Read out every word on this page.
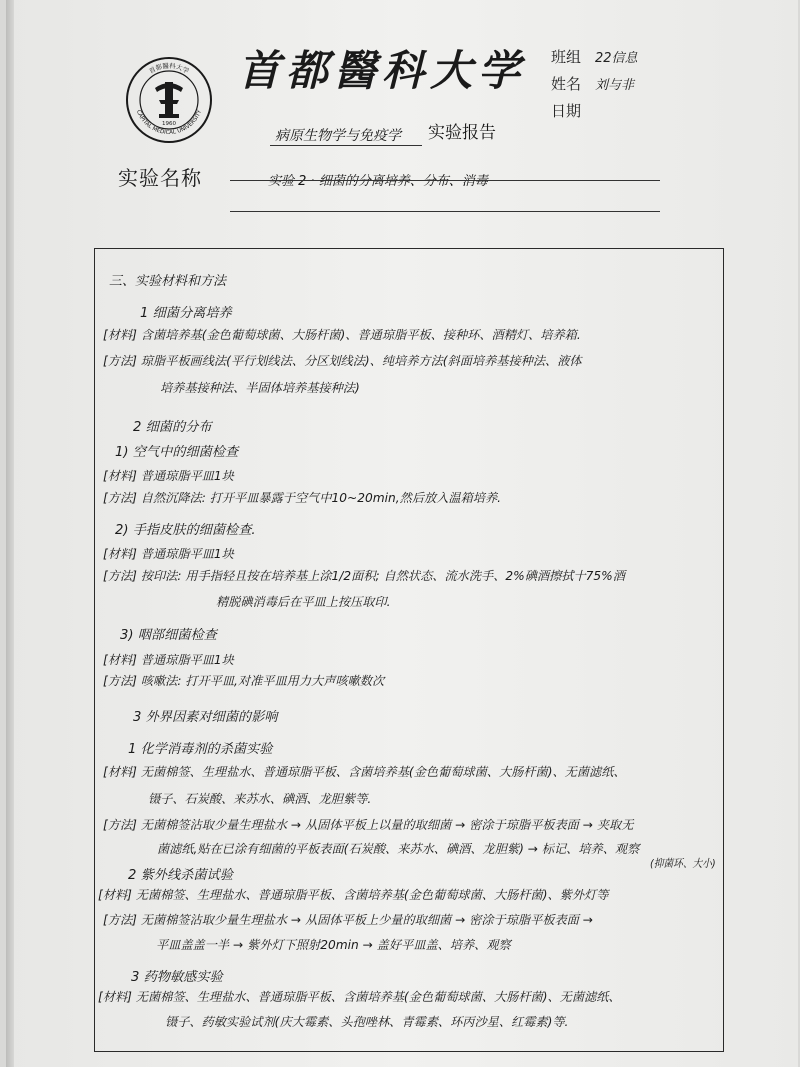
首都醫科大学
CAPITAL MEDICAL UNIVERSITY
1960
首都醫科大学	班组 22信息
姓名 刘与非
日期
病原生物学与免疫学 实验报告
实验名称	实验 2 · 细菌的分离培养、分布、消毒
三、实验材料和方法
1 细菌分离培养
[材料] 含菌培养基(金色葡萄球菌、大肠杆菌)、普通琼脂平板、接种环、酒精灯、培养箱.
[方法] 琼脂平板画线法(平行划线法、分区划线法)、纯培养方法(斜面培养基接种法、液体
培养基接种法、半固体培养基接种法)
2 细菌的分布
1) 空气中的细菌检查
[材料] 普通琼脂平皿1块
[方法] 自然沉降法: 打开平皿暴露于空气中10~20min,然后放入温箱培养.
2) 手指皮肤的细菌检查.
[材料] 普通琼脂平皿1块
[方法] 按印法: 用手指轻且按在培养基上涂1/2面积; 自然状态、流水洗手、2%碘酒擦拭十75%酒
精脱碘消毒后在平皿上按压取印.
3) 咽部细菌检查
[材料] 普通琼脂平皿1块
[方法] 咳嗽法: 打开平皿,对准平皿用力大声咳嗽数次
3 外界因素对细菌的影响
1 化学消毒剂的杀菌实验
[材料] 无菌棉签、生理盐水、普通琼脂平板、含菌培养基(金色葡萄球菌、大肠杆菌)、无菌滤纸、
镊子、石炭酸、来苏水、碘酒、龙胆紫等.
[方法] 无菌棉签沾取少量生理盐水 → 从固体平板上以量的取细菌 → 密涂于琼脂平板表面 → 夹取无
菌滤纸,贴在已涂有细菌的平板表面(石炭酸、来苏水、碘酒、龙胆紫) → 标记、培养、观察
(抑菌环、大小)
2 紫外线杀菌试验
[材料] 无菌棉签、生理盐水、普通琼脂平板、含菌培养基(金色葡萄球菌、大肠杆菌)、紫外灯等
[方法] 无菌棉签沾取少量生理盐水 → 从固体平板上少量的取细菌 → 密涂于琼脂平板表面 →
平皿盖盖一半 → 紫外灯下照射20min → 盖好平皿盖、培养、观察
3 药物敏感实验
[材料] 无菌棉签、生理盐水、普通琼脂平板、含菌培养基(金色葡萄球菌、大肠杆菌)、无菌滤纸、
镊子、药敏实验试剂(庆大霉素、头孢唑林、青霉素、环丙沙星、红霉素)等.
